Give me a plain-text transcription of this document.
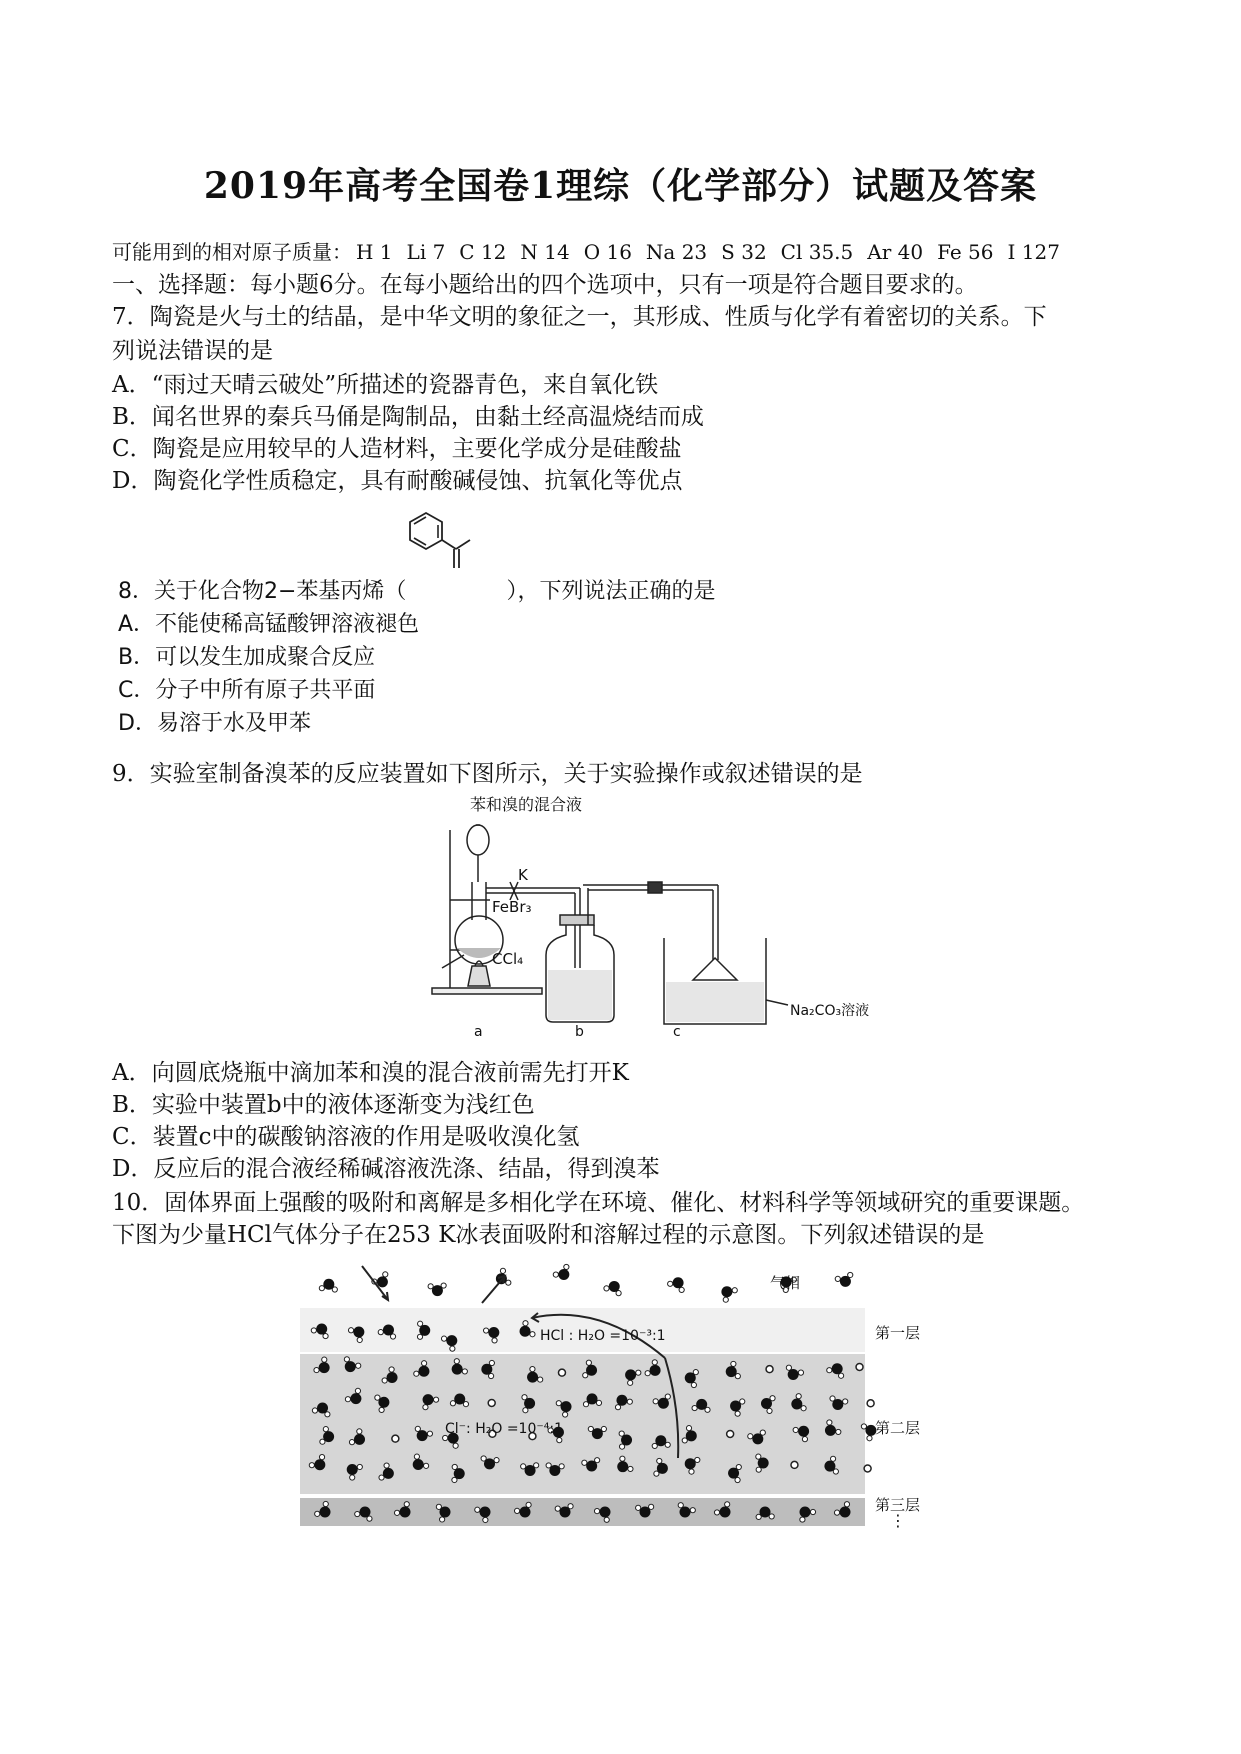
2019年高考全国卷1理综（化学部分）试题及答案
可能用到的相对原子质量： H 1 Li 7 C 12 N 14 O 16 Na 23 S 32 Cl 35.5 Ar 40 Fe 56 I 127
一、选择题：每小题6分。在每小题给出的四个选项中，只有一项是符合题目要求的。
7．陶瓷是火与土的结晶，是中华文明的象征之一，其形成、性质与化学有着密切的关系。下
列说法错误的是
A．“雨过天晴云破处”所描述的瓷器青色，来自氧化铁
B．闻名世界的秦兵马俑是陶制品，由黏土经高温烧结而成
C．陶瓷是应用较早的人造材料，主要化学成分是硅酸盐
D．陶瓷化学性质稳定，具有耐酸碱侵蚀、抗氧化等优点
8．关于化合物2−苯基丙烯（	），下列说法正确的是
A．不能使稀高锰酸钾溶液褪色
B．可以发生加成聚合反应
C．分子中所有原子共平面
D．易溶于水及甲苯
9．实验室制备溴苯的反应装置如下图所示，关于实验操作或叙述错误的是
苯和溴的混合液
K
FeBr₃
CCl₄
Na₂CO₃溶液
a	b	c
A．向圆底烧瓶中滴加苯和溴的混合液前需先打开K
B．实验中装置b中的液体逐渐变为浅红色
C．装置c中的碳酸钠溶液的作用是吸收溴化氢
D．反应后的混合液经稀碱溶液洗涤、结晶，得到溴苯
10．固体界面上强酸的吸附和离解是多相化学在环境、催化、材料科学等领域研究的重要课题。
下图为少量HCl气体分子在253 K冰表面吸附和溶解过程的示意图。下列叙述错误的是
HCl : H₂O =10⁻³:1
Cl⁻: H₂O =10⁻⁴:1
气相
第一层
第二层
第三层
⋮
